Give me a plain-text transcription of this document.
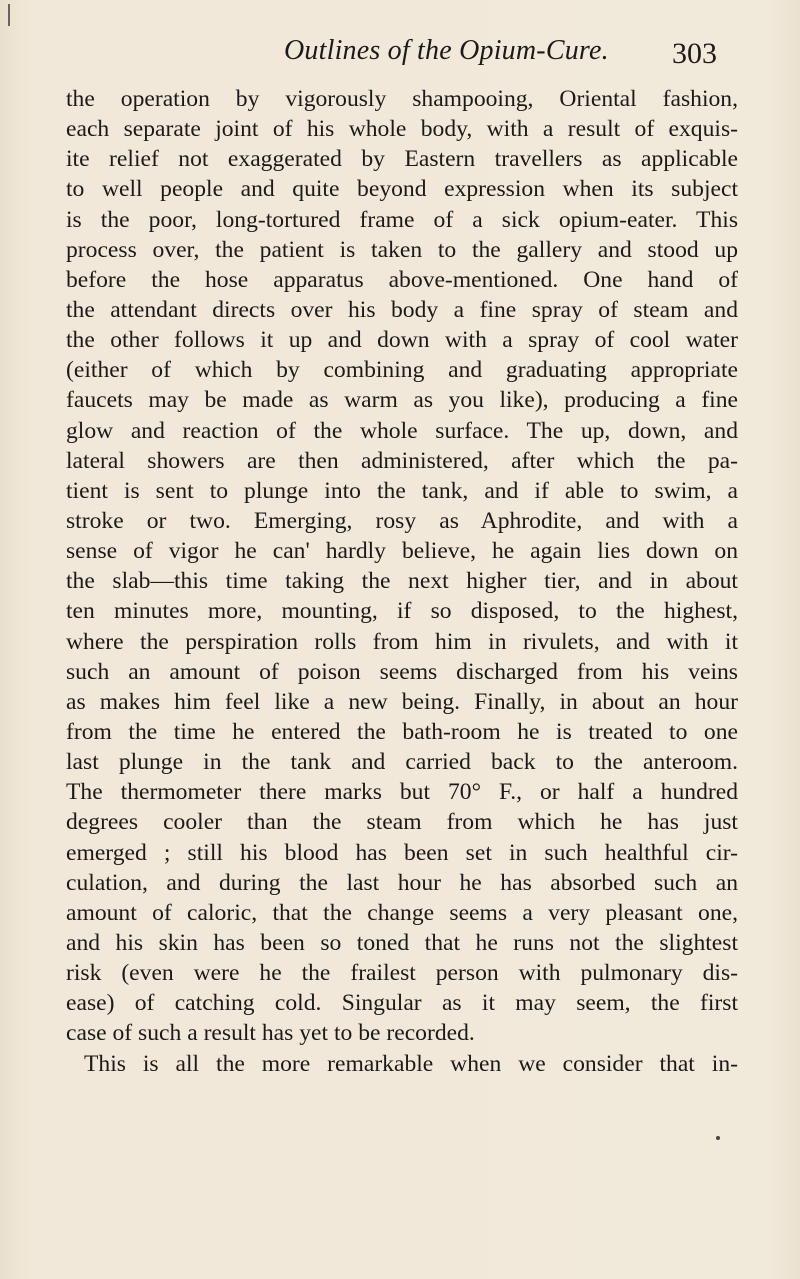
Outlines of the Opium-Cure. 303
the operation by vigorously shampooing, Oriental fashion,
each separate joint of his whole body, with a result of exquis-
ite relief not exaggerated by Eastern travellers as applicable
to well people and quite beyond expression when its subject
is the poor, long-tortured frame of a sick opium-eater. This
process over, the patient is taken to the gallery and stood up
before the hose apparatus above-mentioned. One hand of
the attendant directs over his body a fine spray of steam and
the other follows it up and down with a spray of cool water
(either of which by combining and graduating appropriate
faucets may be made as warm as you like), producing a fine
glow and reaction of the whole surface. The up, down, and
lateral showers are then administered, after which the pa-
tient is sent to plunge into the tank, and if able to swim, a
stroke or two. Emerging, rosy as Aphrodite, and with a
sense of vigor he can' hardly believe, he again lies down on
the slab—this time taking the next higher tier, and in about
ten minutes more, mounting, if so disposed, to the highest,
where the perspiration rolls from him in rivulets, and with it
such an amount of poison seems discharged from his veins
as makes him feel like a new being. Finally, in about an hour
from the time he entered the bath-room he is treated to one
last plunge in the tank and carried back to the anteroom.
The thermometer there marks but 70° F., or half a hundred
degrees cooler than the steam from which he has just
emerged ; still his blood has been set in such healthful cir-
culation, and during the last hour he has absorbed such an
amount of caloric, that the change seems a very pleasant one,
and his skin has been so toned that he runs not the slightest
risk (even were he the frailest person with pulmonary dis-
ease) of catching cold. Singular as it may seem, the first
case of such a result has yet to be recorded.
This is all the more remarkable when we consider that in-
